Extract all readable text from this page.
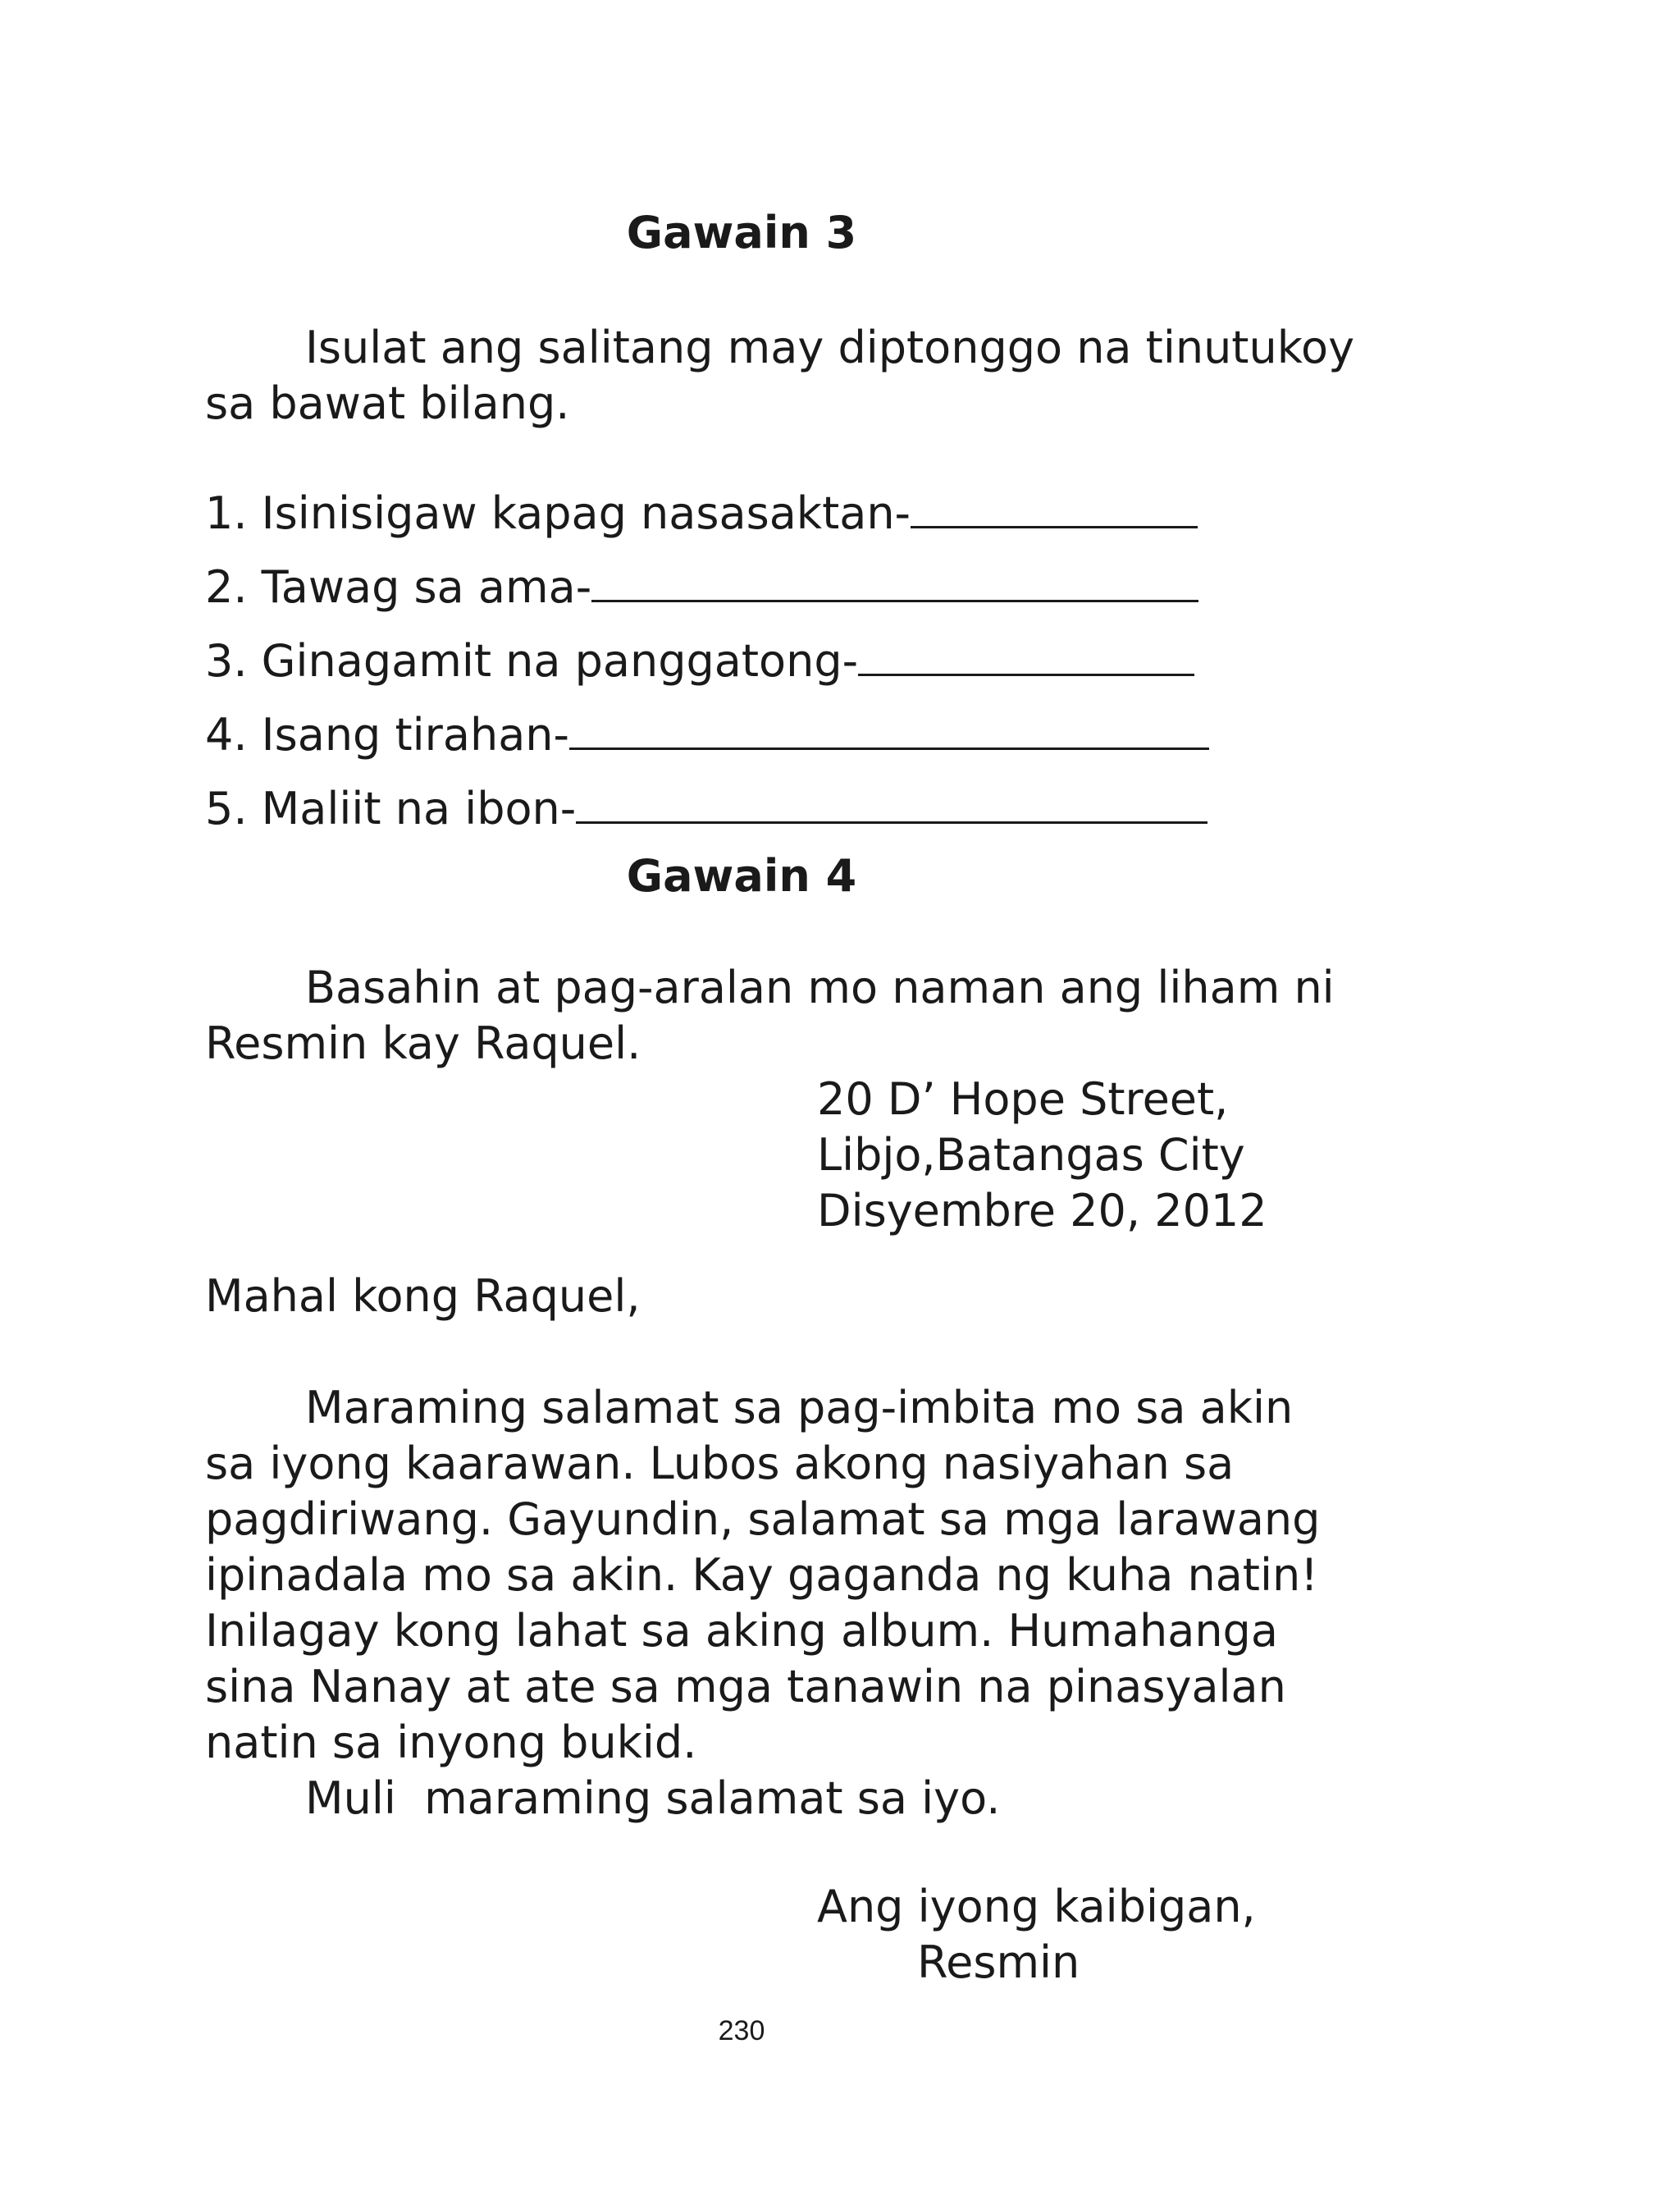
Gawain 3
Isulat ang salitang may diptonggo na tinutukoy
sa bawat bilang.
1. Isinisigaw kapag nasasaktan-
2. Tawag sa ama-
3. Ginagamit na panggatong-
4. Isang tirahan-
5. Maliit na ibon-
Gawain 4
Basahin at pag-aralan mo naman ang liham ni
Resmin kay Raquel.
20 D’ Hope Street,
Libjo,Batangas City
Disyembre 20, 2012
Mahal kong Raquel,
Maraming salamat sa pag-imbita mo sa akin
sa iyong kaarawan. Lubos akong nasiyahan sa
pagdiriwang. Gayundin, salamat sa mga larawang
ipinadala mo sa akin. Kay gaganda ng kuha natin!
Inilagay kong lahat sa aking album. Humahanga
sina Nanay at ate sa mga tanawin na pinasyalan
natin sa inyong bukid.
Muli  maraming salamat sa iyo.
Ang iyong kaibigan,
Resmin
230
